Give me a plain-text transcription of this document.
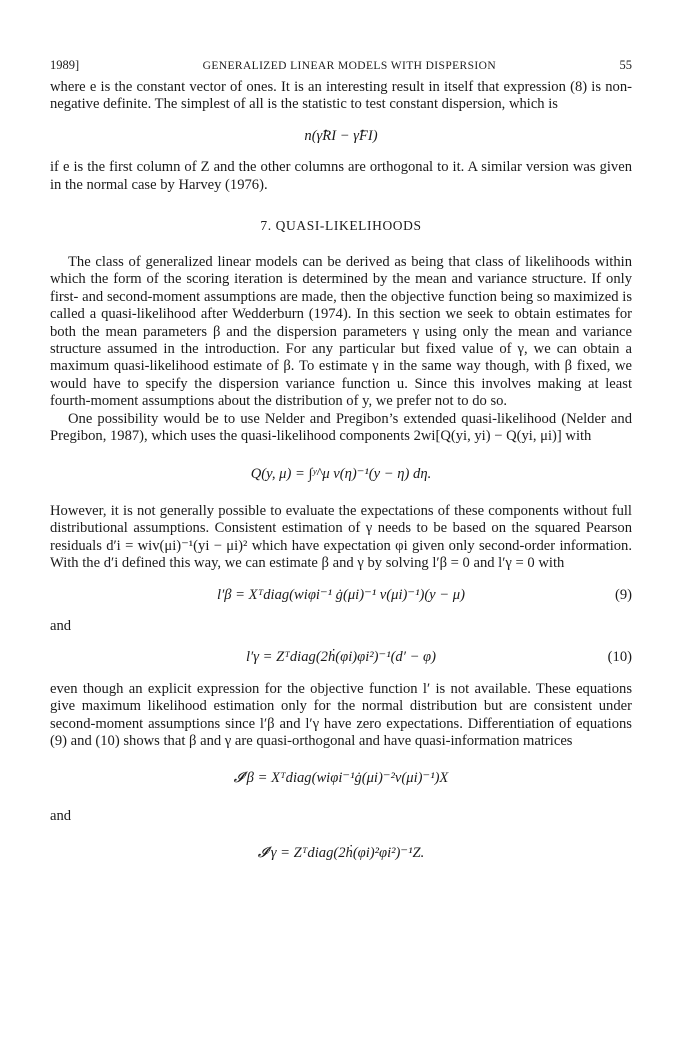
1989]	GENERALIZED LINEAR MODELS WITH DISPERSION	55

where e is the constant vector of ones. It is an interesting result in itself that expression (8) is non-negative definite. The simplest of all is the statistic to test constant dispersion, which is

n(γ̂RI − γ̂FI)

if e is the first column of Z and the other columns are orthogonal to it. A similar version was given in the normal case by Harvey (1976).

7. QUASI-LIKELIHOODS

The class of generalized linear models can be derived as being that class of likelihoods within which the form of the scoring iteration is determined by the mean and variance structure. If only first- and second-moment assumptions are made, then the objective function being so maximized is called a quasi-likelihood after Wedderburn (1974). In this section we seek to obtain estimates for both the mean parameters β and the dispersion parameters γ using only the mean and variance structure assumed in the introduction. For any particular but fixed value of γ, we can obtain a maximum quasi-likelihood estimate of β. To estimate γ in the same way though, with β fixed, we would have to specify the dispersion variance function u. Since this involves making at least fourth-moment assumptions about the distribution of y, we prefer not to do so.

One possibility would be to use Nelder and Pregibon’s extended quasi-likelihood (Nelder and Pregibon, 1987), which uses the quasi-likelihood components 2wi[Q(yi, yi) − Q(yi, μi)] with

Q(y, μ) = ∫ʸ^μ v(η)⁻¹(y − η) dη.

However, it is not generally possible to evaluate the expectations of these components without full distributional assumptions. Consistent estimation of γ needs to be based on the squared Pearson residuals d′i = wiv(μi)⁻¹(yi − μi)² which have expectation φi given only second-order information. With the d′i defined this way, we can estimate β and γ by solving l′β = 0 and l′γ = 0 with

l′β = Xᵀdiag(wiφi⁻¹ ġ(μi)⁻¹ v(μi)⁻¹)(y − μ)	(9)
and
l′γ = Zᵀdiag(2ḣ(φi)φi²)⁻¹(d′ − φ)	(10)

even though an explicit expression for the objective function l′ is not available. These equations give maximum likelihood estimation only for the normal distribution but are consistent under second-moment assumptions since l′β and l′γ have zero expectations. Differentiation of equations (9) and (10) shows that β and γ are quasi-orthogonal and have quasi-information matrices

𝓘′β = Xᵀdiag(wiφi⁻¹ġ(μi)⁻²v(μi)⁻¹)X
and
𝓘′γ = Zᵀdiag(2ḣ(φi)²φi²)⁻¹Z.
